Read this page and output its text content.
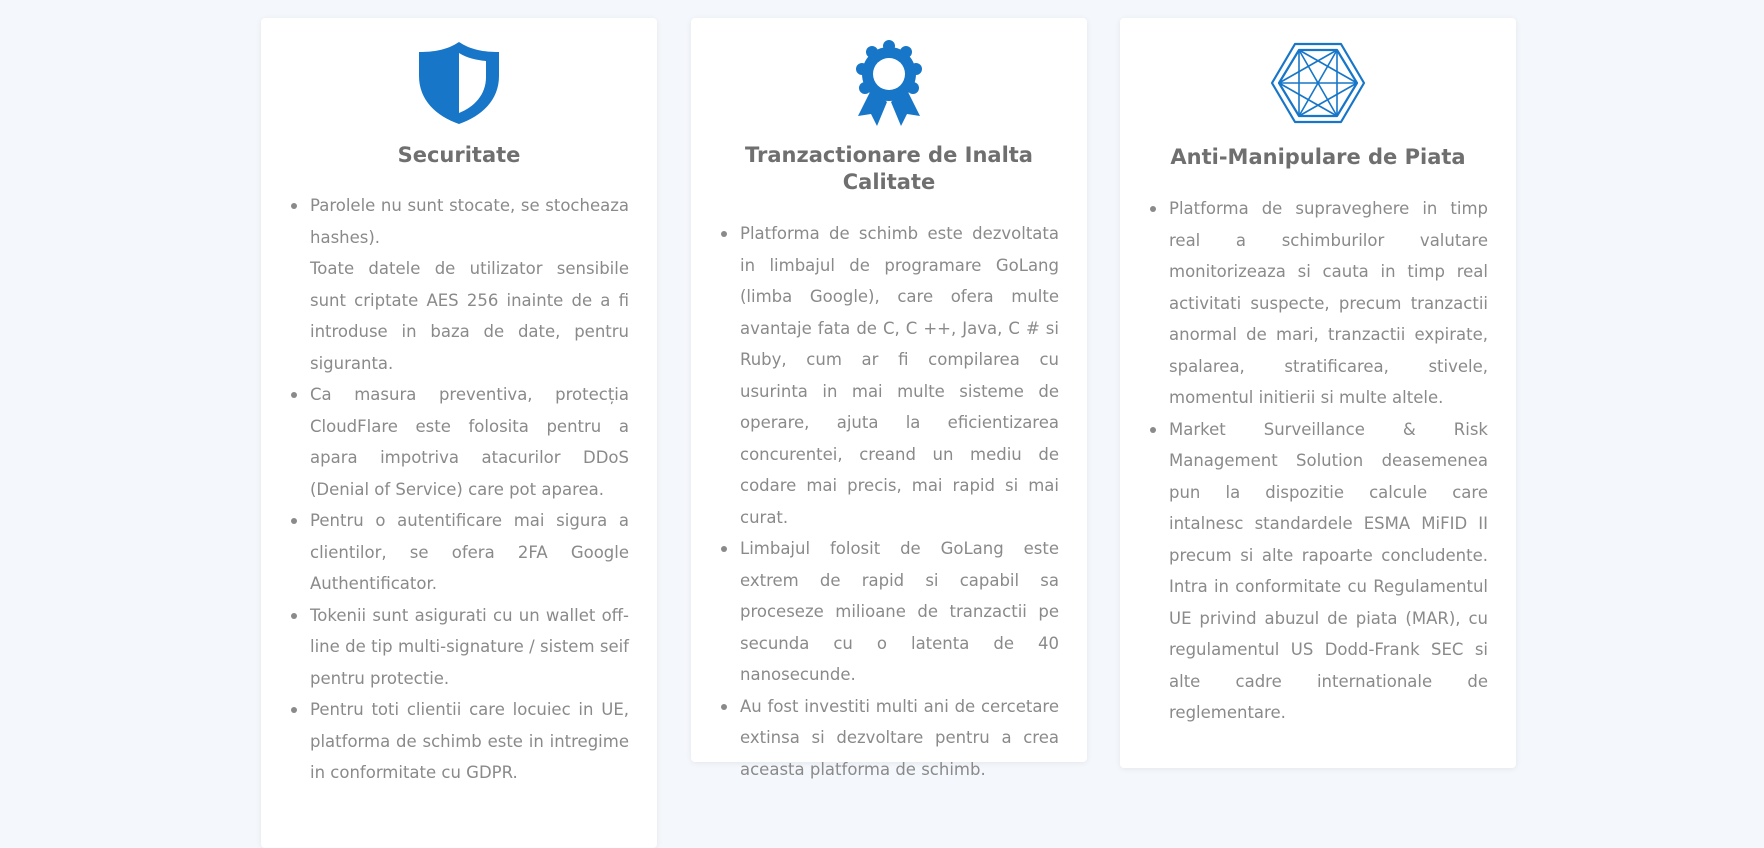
Securitate
Parolele nu sunt stocate, se stocheaza hashes).
Toate datele de utilizator sensibile sunt criptate AES 256 inainte de a fi introduse in baza de date, pentru siguranta.
Ca masura preventiva, protecția CloudFlare este folosita pentru a apara impotriva atacurilor DDoS (Denial of Service) care pot aparea.
Pentru o autentificare mai sigura a clientilor, se ofera 2FA Google Authentificator.
Tokenii sunt asigurati cu un wallet off-line de tip multi-signature / sistem seif pentru protectie.
Pentru toti clientii care locuiec in UE, platforma de schimb este in intregime in conformitate cu GDPR.
Tranzactionare de Inalta Calitate
Platforma de schimb este dezvoltata in limbajul de programare GoLang (limba Google), care ofera multe avantaje fata de C, C ++, Java, C # si Ruby, cum ar fi compilarea cu usurinta in mai multe sisteme de operare, ajuta la eficientizarea concurentei, creand un mediu de codare mai precis, mai rapid si mai curat.
Limbajul folosit de GoLang este extrem de rapid si capabil sa proceseze milioane de tranzactii pe secunda cu o latenta de 40 nanosecunde.
Au fost investiti multi ani de cercetare extinsa si dezvoltare pentru a crea aceasta platforma de schimb.
Anti-Manipulare de Piata
Platforma de supraveghere in timp real a schimburilor valutare monitorizeaza si cauta in timp real activitati suspecte, precum tranzactii anormal de mari, tranzactii expirate, spalarea, stratificarea, stivele, momentul initierii si multe altele.
Market Surveillance & Risk Management Solution deasemenea pun la dispozitie calcule care intalnesc standardele ESMA MiFID II precum si alte rapoarte concludente. Intra in conformitate cu Regulamentul UE privind abuzul de piata (MAR), cu regulamentul US Dodd-Frank SEC si alte cadre internationale de reglementare.
